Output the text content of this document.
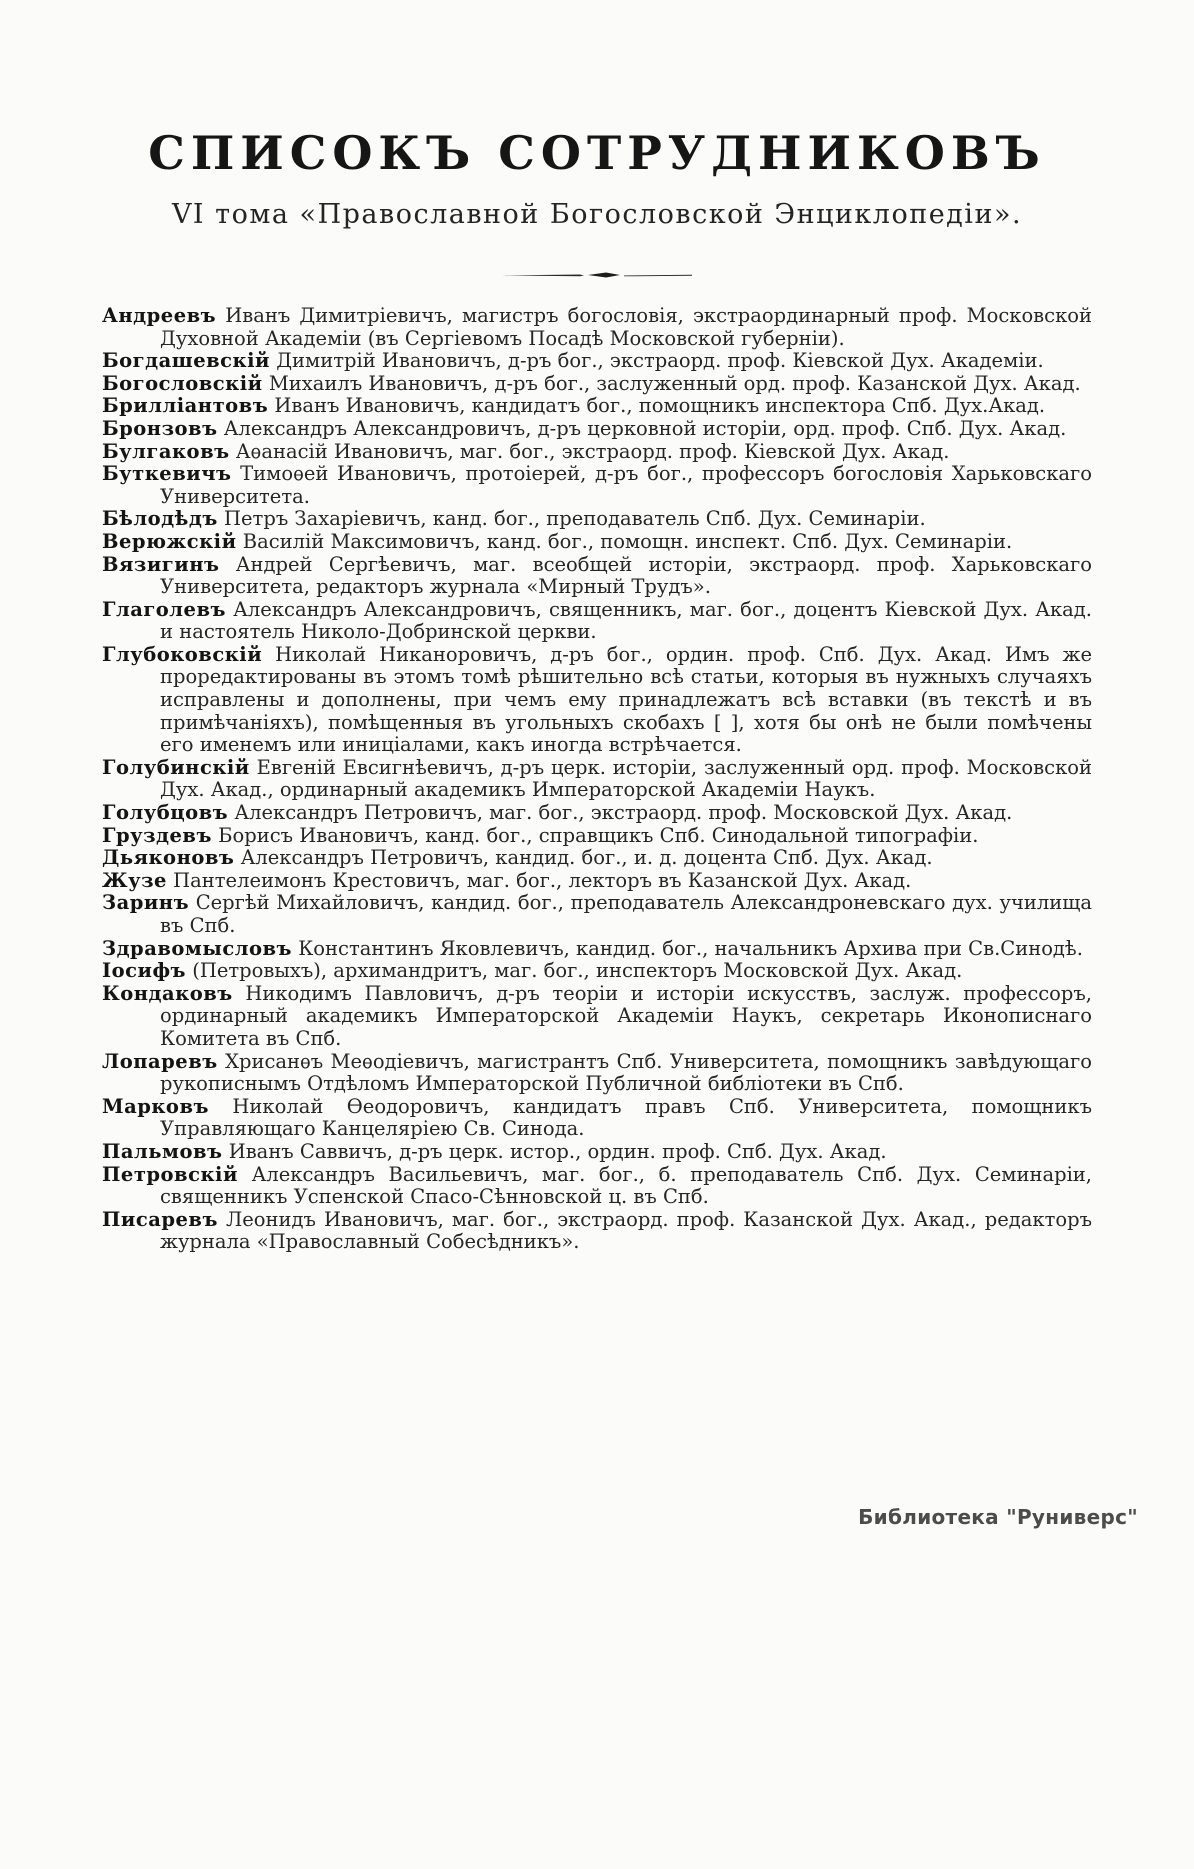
СПИСОКЪ СОТРУДНИКОВЪ
VI тома «Православной Богословской Энциклопедіи».

Андреевъ Иванъ Димитріевичъ, магистръ богословія, экстраординарный проф. Московской Духовной Академіи (въ Сергіевомъ Посадѣ Московской губерніи).

Богдашевскій Димитрій Ивановичъ, д-ръ бог., экстраорд. проф. Кіевской Дух. Академіи.

Богословскій Михаилъ Ивановичъ, д-ръ бог., заслуженный орд. проф. Казанской Дух. Акад.

Брилліантовъ Иванъ Ивановичъ, кандидатъ бог., помощникъ инспектора Спб. Дух.Акад.

Бронзовъ Александръ Александровичъ, д-ръ церковной исторіи, орд. проф. Спб. Дух. Акад.

Булгаковъ Аѳанасій Ивановичъ, маг. бог., экстраорд. проф. Кіевской Дух. Акад.

Буткевичъ Тимоѳей Ивановичъ, протоіерей, д-ръ бог., профессоръ богословія Харьковскаго Университета.

Бѣлодѣдъ Петръ Захаріевичъ, канд. бог., преподаватель Спб. Дух. Семинаріи.

Верюжскій Василій Максимовичъ, канд. бог., помощн. инспект. Спб. Дух. Семинаріи.

Вязигинъ Андрей Сергѣевичъ, маг. всеобщей исторіи, экстраорд. проф. Харьковскаго Университета, редакторъ журнала «Мирный Трудъ».

Глаголевъ Александръ Александровичъ, священникъ, маг. бог., доцентъ Кіевской Дух. Акад. и настоятель Николо-Добринской церкви.

Глубоковскій Николай Никаноровичъ, д-ръ бог., ордин. проф. Спб. Дух. Акад. Имъ же проредактированы въ этомъ томѣ рѣшительно всѣ статьи, которыя въ нужныхъ случаяхъ исправлены и дополнены, при чемъ ему принадлежатъ всѣ вставки (въ текстѣ и въ примѣчаніяхъ), помѣщенныя въ угольныхъ скобахъ [ ], хотя бы онѣ не были помѣчены его именемъ или иниціалами, какъ иногда встрѣчается.

Голубинскій Евгеній Евсигнѣевичъ, д-ръ церк. исторіи, заслуженный орд. проф. Московской Дух. Акад., ординарный академикъ Императорской Академіи Наукъ.

Голубцовъ Александръ Петровичъ, маг. бог., экстраорд. проф. Московской Дух. Акад.

Груздевъ Борисъ Ивановичъ, канд. бог., справщикъ Спб. Синодальной типографіи.

Дьяконовъ Александръ Петровичъ, кандид. бог., и. д. доцента Спб. Дух. Акад.

Жузе Пантелеимонъ Крестовичъ, маг. бог., лекторъ въ Казанской Дух. Акад.

Заринъ Сергѣй Михайловичъ, кандид. бог., преподаватель Александроневскаго дух. училища въ Спб.

Здравомысловъ Константинъ Яковлевичъ, кандид. бог., начальникъ Архива при Св.Синодѣ.

Іосифъ (Петровыхъ), архимандритъ, маг. бог., инспекторъ Московской Дух. Акад.

Кондаковъ Никодимъ Павловичъ, д-ръ теоріи и исторіи искусствъ, заслуж. профессоръ, ординарный академикъ Императорской Академіи Наукъ, секретарь Иконописнаго Комитета въ Спб.

Лопаревъ Хрисанѳъ Меѳодіевичъ, магистрантъ Спб. Университета, помощникъ завѣдующаго рукописнымъ Отдѣломъ Императорской Публичной библіотеки въ Спб.

Марковъ Николай Ѳеодоровичъ, кандидатъ правъ Спб. Университета, помощникъ Управляющаго Канцеляріею Св. Синода.

Пальмовъ Иванъ Саввичъ, д-ръ церк. истор., ордин. проф. Спб. Дух. Акад.

Петровскій Александръ Васильевичъ, маг. бог., б. преподаватель Спб. Дух. Семинаріи, священникъ Успенской Спасо-Сѣнновской ц. въ Спб.

Писаревъ Леонидъ Ивановичъ, маг. бог., экстраорд. проф. Казанской Дух. Акад., редакторъ журнала «Православный Собесѣдникъ».

Библиотека "Руниверс"
